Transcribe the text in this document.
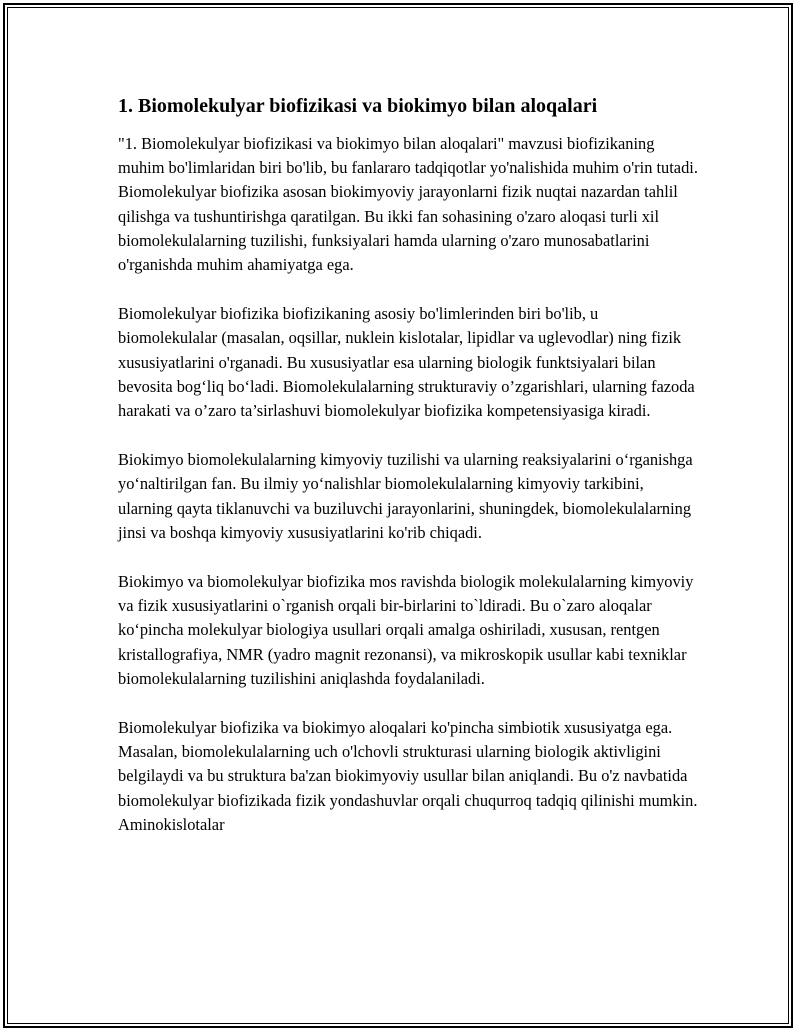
1. Biomolekulyar biofizikasi va biokimyo bilan aloqalari

"1. Biomolekulyar biofizikasi va biokimyo bilan aloqalari" mavzusi biofizikaning muhim bo'limlaridan biri bo'lib, bu fanlararo tadqiqotlar yo'nalishida muhim o'rin tutadi. Biomolekulyar biofizika asosan biokimyoviy jarayonlarni fizik nuqtai nazardan tahlil qilishga va tushuntirishga qaratilgan. Bu ikki fan sohasining o'zaro aloqasi turli xil biomolekulalarning tuzilishi, funksiyalari hamda ularning o'zaro munosabatlarini o'rganishda muhim ahamiyatga ega.

Biomolekulyar biofizika biofizikaning asosiy bo'limlerinden biri bo'lib, u biomolekulalar (masalan, oqsillar, nuklein kislotalar, lipidlar va uglevodlar) ning fizik xususiyatlarini o'rganadi. Bu xususiyatlar esa ularning biologik funktsiyalari bilan bevosita bog‘liq bo‘ladi. Biomolekulalarning strukturaviy o’zgarishlari, ularning fazoda harakati va o’zaro ta’sirlashuvi biomolekulyar biofizika kompetensiyasiga kiradi.

Biokimyo biomolekulalarning kimyoviy tuzilishi va ularning reaksiyalarini o‘rganishga yo‘naltirilgan fan. Bu ilmiy yo‘nalishlar biomolekulalarning kimyoviy tarkibini, ularning qayta tiklanuvchi va buziluvchi jarayonlarini, shuningdek, biomolekulalarning jinsi va boshqa kimyoviy xususiyatlarini ko'rib chiqadi.

Biokimyo va biomolekulyar biofizika mos ravishda biologik molekulalarning kimyoviy va fizik xususiyatlarini o`rganish orqali bir-birlarini to`ldiradi. Bu o`zaro aloqalar ko‘pincha molekulyar biologiya usullari orqali amalga oshiriladi, xususan, rentgen kristallografiya, NMR (yadro magnit rezonansi), va mikroskopik usullar kabi texniklar biomolekulalarning tuzilishini aniqlashda foydalaniladi.

Biomolekulyar biofizika va biokimyo aloqalari ko'pincha simbiotik xususiyatga ega. Masalan, biomolekulalarning uch o'lchovli strukturasi ularning biologik aktivligini belgilaydi va bu struktura ba'zan biokimyoviy usullar bilan aniqlandi. Bu o'z navbatida biomolekulyar biofizikada fizik yondashuvlar orqali chuqurroq tadqiq qilinishi mumkin. Aminokislotalar
